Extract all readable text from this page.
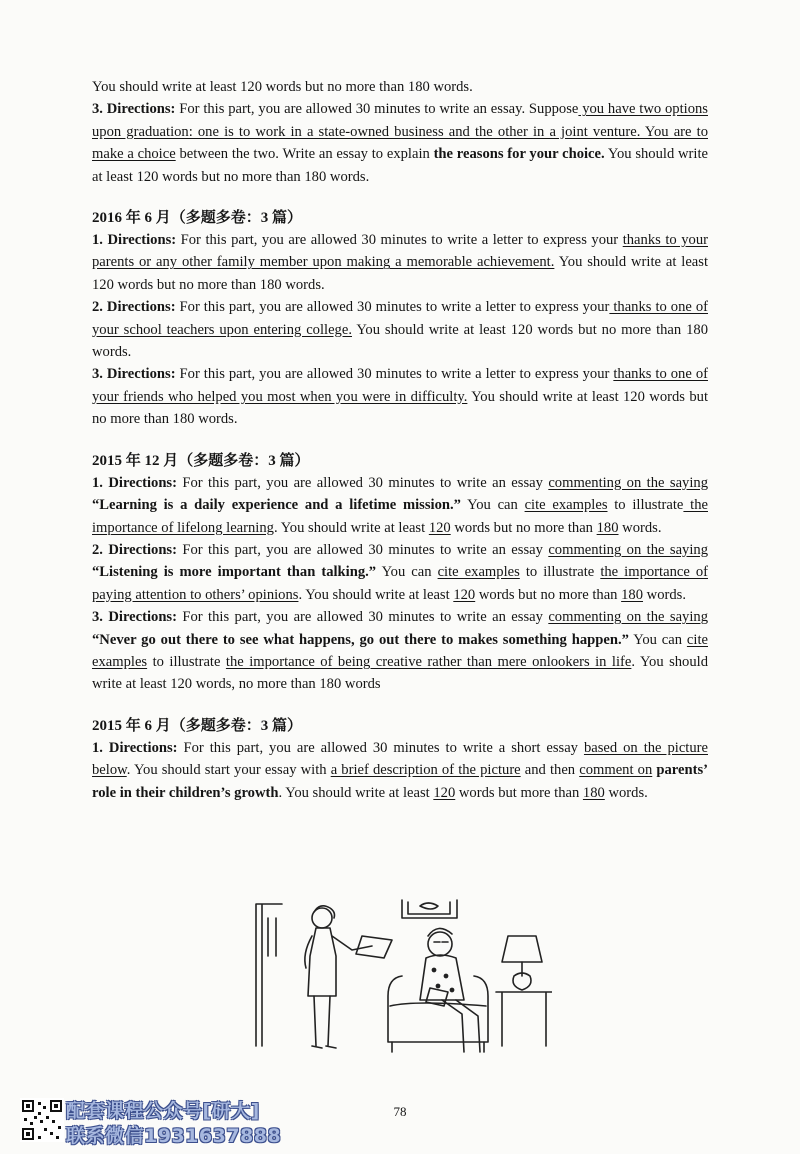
You should write at least 120 words but no more than 180 words.

3. Directions: For this part, you are allowed 30 minutes to write an essay. Suppose you have two options upon graduation: one is to work in a state-owned business and the other in a joint venture. You are to make a choice between the two. Write an essay to explain the reasons for your choice. You should write at least 120 words but no more than 180 words.

2016 年 6 月（多题多卷：3 篇）

1. Directions: For this part, you are allowed 30 minutes to write a letter to express your thanks to your parents or any other family member upon making a memorable achievement. You should write at least 120 words but no more than 180 words.

2. Directions: For this part, you are allowed 30 minutes to write a letter to express your thanks to one of your school teachers upon entering college. You should write at least 120 words but no more than 180 words.

3. Directions: For this part, you are allowed 30 minutes to write a letter to express your thanks to one of your friends who helped you most when you were in difficulty. You should write at least 120 words but no more than 180 words.

2015 年 12 月（多题多卷：3 篇）

1. Directions: For this part, you are allowed 30 minutes to write an essay commenting on the saying “Learning is a daily experience and a lifetime mission.” You can cite examples to illustrate the importance of lifelong learning. You should write at least 120 words but no more than 180 words.

2. Directions: For this part, you are allowed 30 minutes to write an essay commenting on the saying “Listening is more important than talking.” You can cite examples to illustrate the importance of paying attention to others’ opinions. You should write at least 120 words but no more than 180 words.

3. Directions: For this part, you are allowed 30 minutes to write an essay commenting on the saying “Never go out there to see what happens, go out there to makes something happen.” You can cite examples to illustrate the importance of being creative rather than mere onlookers in life. You should write at least 120 words, no more than 180 words

2015 年 6 月（多题多卷：3 篇）

1. Directions: For this part, you are allowed 30 minutes to write a short essay based on the picture below. You should start your essay with a brief description of the picture and then comment on parents’ role in their children’s growth. You should write at least 120 words but more than 180 words.

78
配套课程公众号[研大]
联系微信1931637888
